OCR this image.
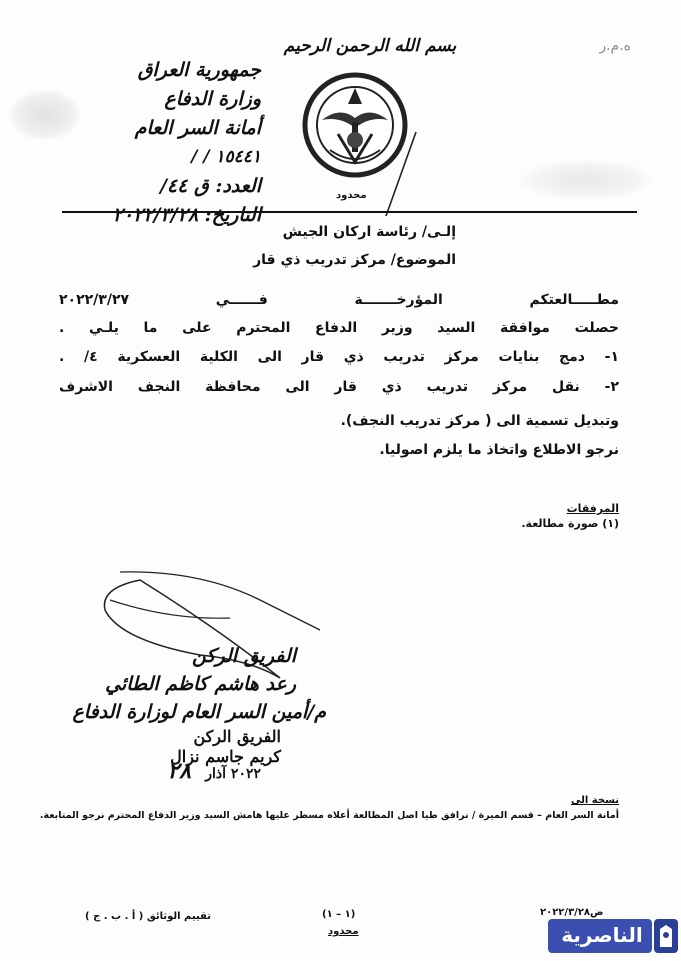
بسم الله الرحمن الرحيم	ه.م.ر
جمهورية العراق
وزارة الدفاع
أمانة السر العام
١٥٤٤١ / /
العدد: ق ٤٤/
التاريخ: ٢٠٢٢/٣/٢٨
محدود
إلـى/ رئاسة اركان الجيش
الموضوع/ مركز تدريب ذي قار
مطـــــالعتكم المؤرخـــــــة فــــــي ٢٠٢٢/٣/٢٧
حصلت موافقة السيد وزير الدفاع المحترم على ما يلـي .
١- دمج بنايات مركز تدريب ذي قار الى الكلية العسكرية ٤/ .
٢- نقل مركز تدريب ذي قار الى محافظة النجف الاشرف
وتبديل تسمية الى ( مركز تدريب النجف).
نرجو الاطلاع واتخاذ ما يلزم اصوليا.
المرفقات
(١) صورة مطالعة.
الفريق الركن
رعد هاشم كاظم الطائي
م/أمين السر العام لوزارة الدفاع
الفريق الركن
كريم جاسم نزال
٢٠٢٢ آذار
٢٨
نسخة الى
أمانة السر العام – قسم الميرة / نرافق طيا اصل المطالعة أعلاه مسطر عليها هامش السيد وزير الدفاع المحترم نرجو المتابعة.
تقييم الوثائق ( أ . ب . ج )	(١ – ١)
محدود
ض٢٠٢٢/٣/٢٨
الناصرية
